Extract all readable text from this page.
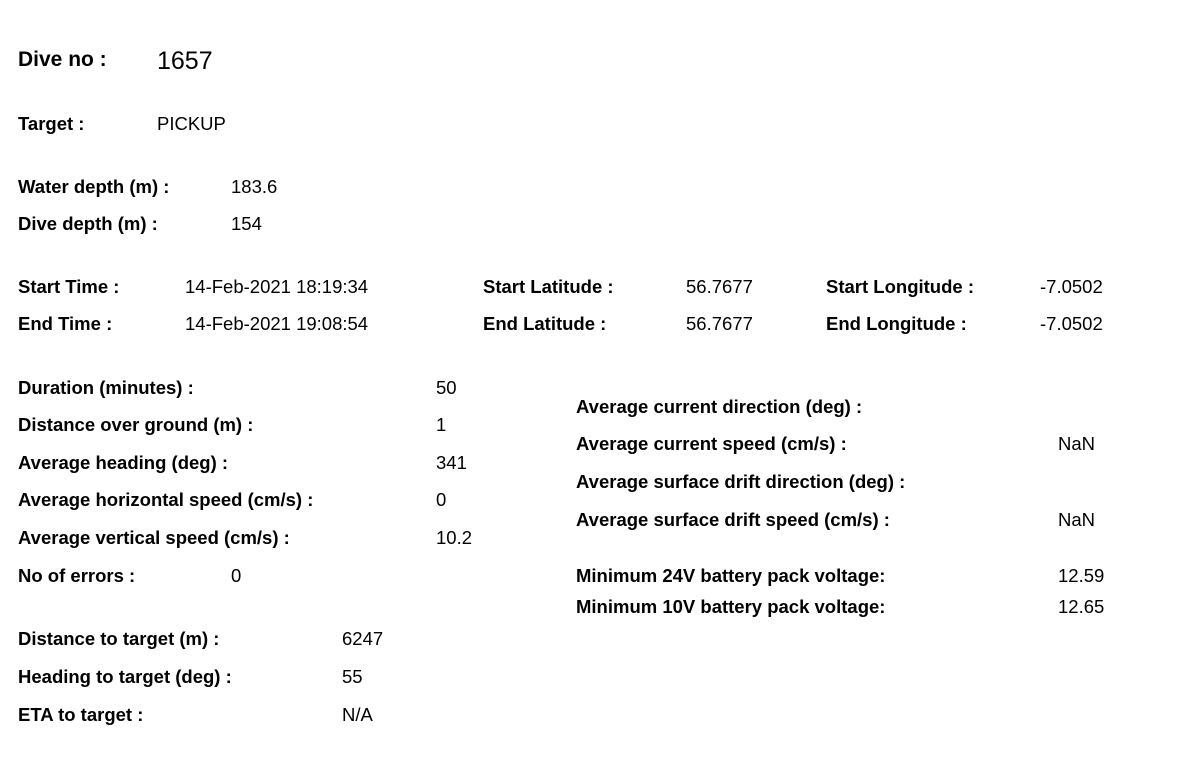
Dive no : 1657
Target :	PICKUP
Water depth (m) :	183.6
Dive depth (m) :	154
Start Time :	14-Feb-2021 18:19:34
End Time :	14-Feb-2021 19:08:54
Start Latitude :	56.7677
End Latitude :	56.7677
Start Longitude :	-7.0502
End Longitude :	-7.0502
Duration (minutes) :	50
Distance over ground (m) :	1
Average heading (deg) :	341
Average horizontal speed (cm/s) :	0
Average vertical speed (cm/s) :	10.2
No of errors :	0
Average current direction (deg) :
Average current speed (cm/s) :	NaN
Average surface drift direction (deg) :
Average surface drift speed (cm/s) :	NaN
Minimum 24V battery pack voltage:	12.59
Minimum 10V battery pack voltage:	12.65
Distance to target (m) :	6247
Heading to target (deg) :	55
ETA to target :	N/A
